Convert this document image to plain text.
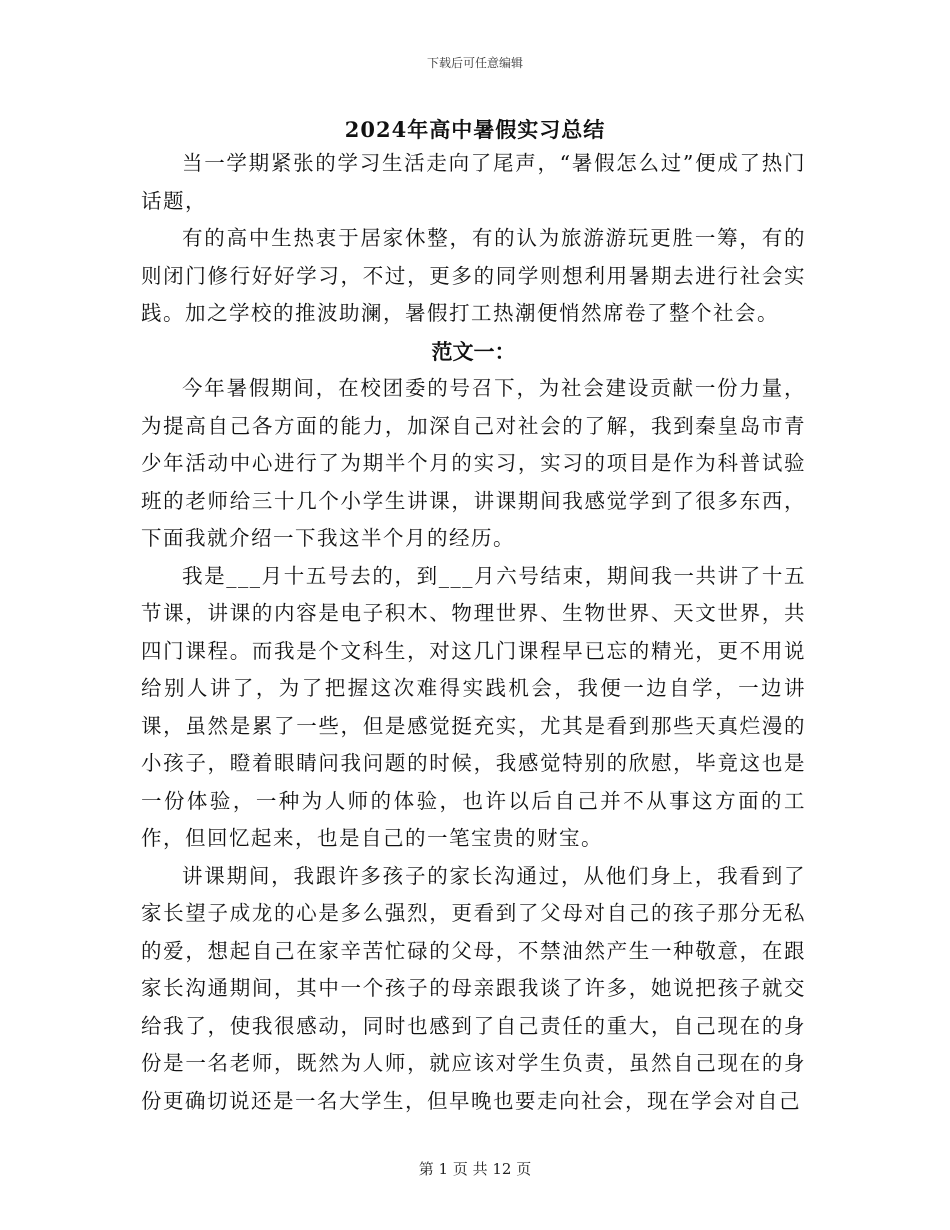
下载后可任意编辑
2024年高中暑假实习总结

当一学期紧张的学习生活走向了尾声，“暑假怎么过”便成了热门话题，

有的高中生热衷于居家休整，有的认为旅游游玩更胜一筹，有的则闭门修行好好学习，不过，更多的同学则想利用暑期去进行社会实践。加之学校的推波助澜，暑假打工热潮便悄然席卷了整个社会。

范文一：

今年暑假期间，在校团委的号召下，为社会建设贡献一份力量，为提高自己各方面的能力，加深自己对社会的了解，我到秦皇岛市青少年活动中心进行了为期半个月的实习，实习的项目是作为科普试验班的老师给三十几个小学生讲课，讲课期间我感觉学到了很多东西，下面我就介绍一下我这半个月的经历。

我是___月十五号去的，到___月六号结束，期间我一共讲了十五节课，讲课的内容是电子积木、物理世界、生物世界、天文世界，共四门课程。而我是个文科生，对这几门课程早已忘的精光，更不用说给别人讲了，为了把握这次难得实践机会，我便一边自学，一边讲课，虽然是累了一些，但是感觉挺充实，尤其是看到那些天真烂漫的小孩子，瞪着眼睛问我问题的时候，我感觉特别的欣慰，毕竟这也是一份体验，一种为人师的体验，也许以后自己并不从事这方面的工作，但回忆起来，也是自己的一笔宝贵的财宝。

讲课期间，我跟许多孩子的家长沟通过，从他们身上，我看到了家长望子成龙的心是多么强烈，更看到了父母对自己的孩子那分无私的爱，想起自己在家辛苦忙碌的父母，不禁油然产生一种敬意，在跟家长沟通期间，其中一个孩子的母亲跟我谈了许多，她说把孩子就交给我了，使我很感动，同时也感到了自己责任的重大，自己现在的身份是一名老师，既然为人师，就应该对学生负责，虽然自己现在的身份更确切说还是一名大学生，但早晚也要走向社会，现在学会对自己

第 1 页 共 12 页
